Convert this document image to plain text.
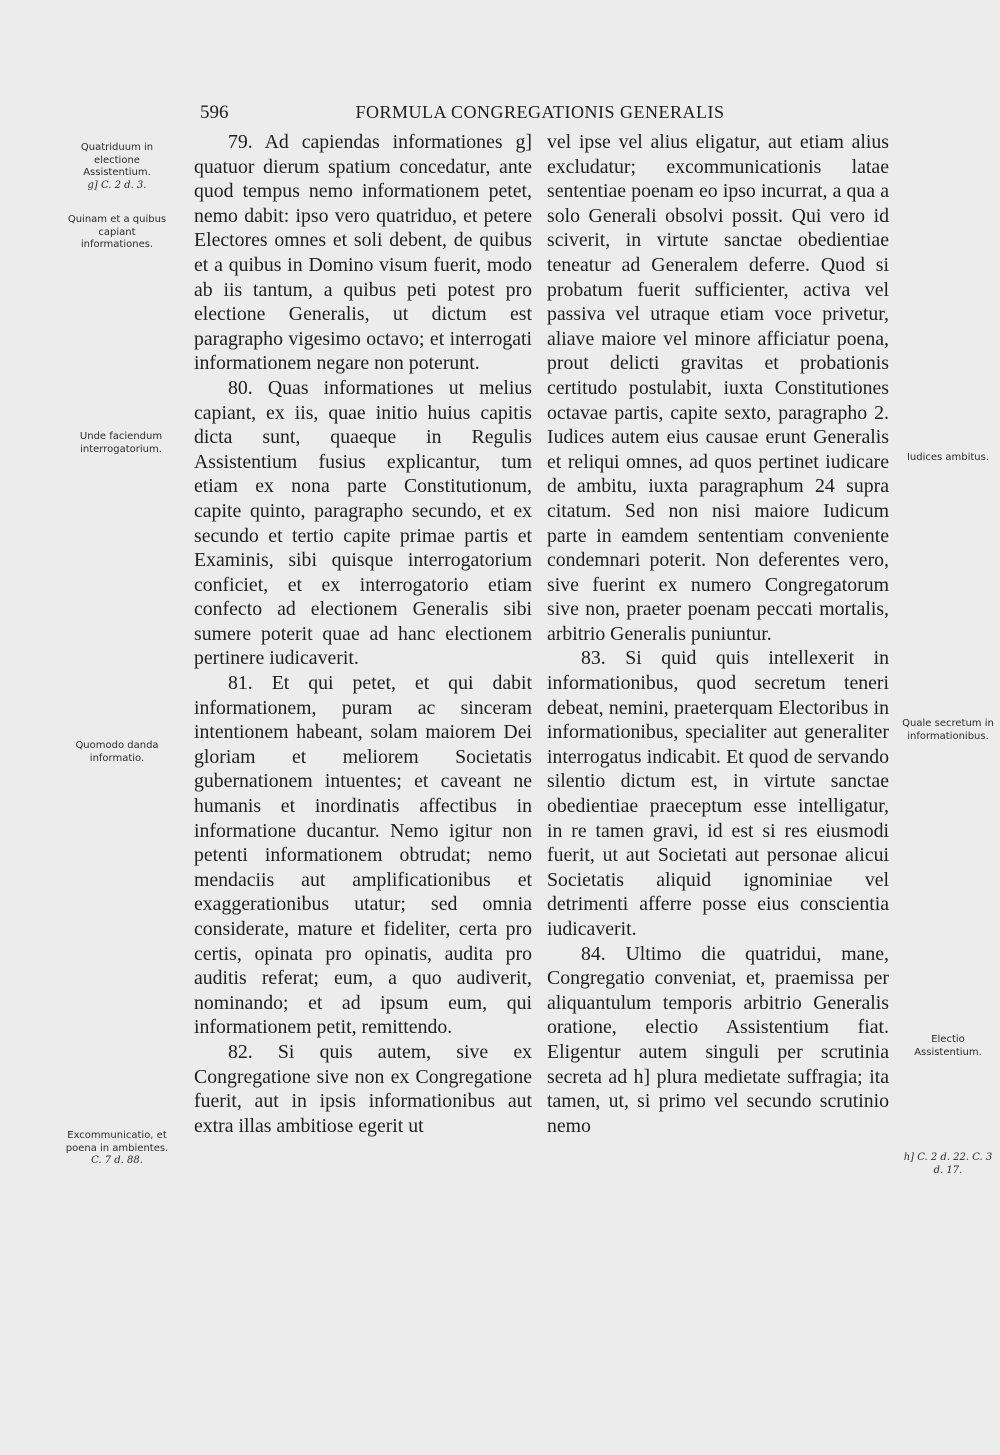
596	FORMULA CONGREGATIONIS GENERALIS
Quatriduum in electione Assistentium.
g] C. 2 d. 3.
Quinam et a quibus capiant informationes.
Unde faciendum interrogatorium.
Quomodo danda informatio.
Excommunicatio, et poena in ambientes.
C. 7 d. 88.

79. Ad capiendas informationes g] quatuor dierum spatium concedatur, ante quod tempus nemo informationem petet, nemo dabit: ipso vero quatriduo, et petere Electores omnes et soli debent, de quibus et a quibus in Domino visum fuerit, modo ab iis tantum, a quibus peti potest pro electione Generalis, ut dictum est paragrapho vigesimo octavo; et interrogati informationem negare non poterunt.

80. Quas informationes ut melius capiant, ex iis, quae initio huius capitis dicta sunt, quaeque in Regulis Assistentium fusius explicantur, tum etiam ex nona parte Constitutionum, capite quinto, paragrapho secundo, et ex secundo et tertio capite primae partis et Examinis, sibi quisque interrogatorium conficiet, et ex interrogatorio etiam confecto ad electionem Generalis sibi sumere poterit quae ad hanc electionem pertinere iudicaverit.

81. Et qui petet, et qui dabit informationem, puram ac sinceram intentionem habeant, solam maiorem Dei gloriam et meliorem Societatis gubernationem intuentes; et caveant ne humanis et inordinatis affectibus in informatione ducantur. Nemo igitur non petenti informationem obtrudat; nemo mendaciis aut amplificationibus et exaggerationibus utatur; sed omnia considerate, mature et fideliter, certa pro certis, opinata pro opinatis, audita pro auditis referat; eum, a quo audiverit, nominando; et ad ipsum eum, qui informationem petit, remittendo.

82. Si quis autem, sive ex Congregatione sive non ex Congregatione fuerit, aut in ipsis informationibus aut extra illas ambitiose egerit ut

vel ipse vel alius eligatur, aut etiam alius excludatur; excommunicationis latae sententiae poenam eo ipso incurrat, a qua a solo Generali obsolvi possit. Qui vero id sciverit, in virtute sanctae obedientiae teneatur ad Generalem deferre. Quod si probatum fuerit sufficienter, activa vel passiva vel utraque etiam voce privetur, aliave maiore vel minore afficiatur poena, prout delicti gravitas et probationis certitudo postulabit, iuxta Constitutiones octavae partis, capite sexto, paragrapho 2. Iudices autem eius causae erunt Generalis et reliqui omnes, ad quos pertinet iudicare de ambitu, iuxta paragraphum 24 supra citatum. Sed non nisi maiore Iudicum parte in eamdem sententiam conveniente condemnari poterit. Non deferentes vero, sive fuerint ex numero Congregatorum sive non, praeter poenam peccati mortalis, arbitrio Generalis puniuntur.

83. Si quid quis intellexerit in informationibus, quod secretum teneri debeat, nemini, praeterquam Electoribus in informationibus, specialiter aut generaliter interrogatus indicabit. Et quod de servando silentio dictum est, in virtute sanctae obedientiae praeceptum esse intelligatur, in re tamen gravi, id est si res eiusmodi fuerit, ut aut Societati aut personae alicui Societatis aliquid ignominiae vel detrimenti afferre posse eius conscientia iudicaverit.

84. Ultimo die quatridui, mane, Congregatio conveniat, et, praemissa per aliquantulum temporis arbitrio Generalis oratione, electio Assistentium fiat. Eligentur autem singuli per scrutinia secreta ad h] plura medietate suffragia; ita tamen, ut, si primo vel secundo scrutinio nemo

Iudices ambitus.
Quale secretum in informationibus.
Electio Assistentium.
h] C. 2 d. 22. C. 3 d. 17.
